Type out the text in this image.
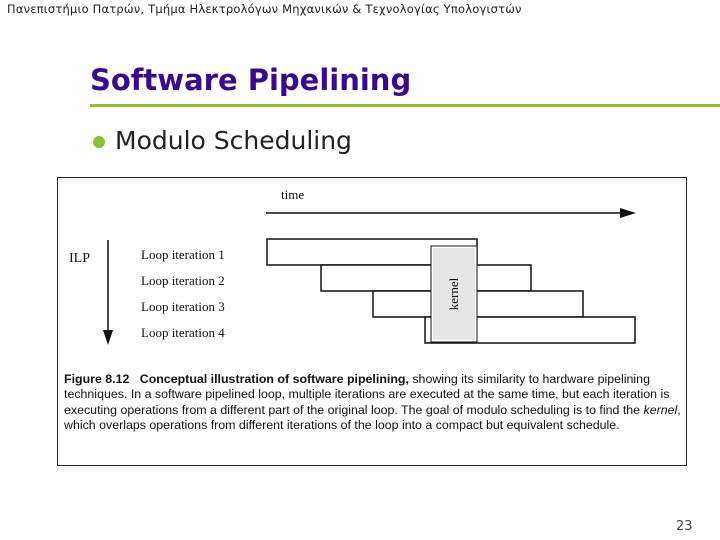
Πανεπιστήμιο Πατρών, Τμήμα Ηλεκτρολόγων Μηχανικών & Τεχνολογίας Υπολογιστών
Software Pipelining
Modulo Scheduling
time
ILP	Loop iteration 1
Loop iteration 2
Loop iteration 3
Loop iteration 4
kernel
Figure 8.12 Conceptual illustration of software pipelining, showing its similarity to hardware pipelining techniques. In a software pipelined loop, multiple iterations are executed at the same time, but each iteration is executing operations from a different part of the original loop. The goal of modulo scheduling is to find the kernel, which overlaps operations from different iterations of the loop into a compact but equivalent schedule.
23
